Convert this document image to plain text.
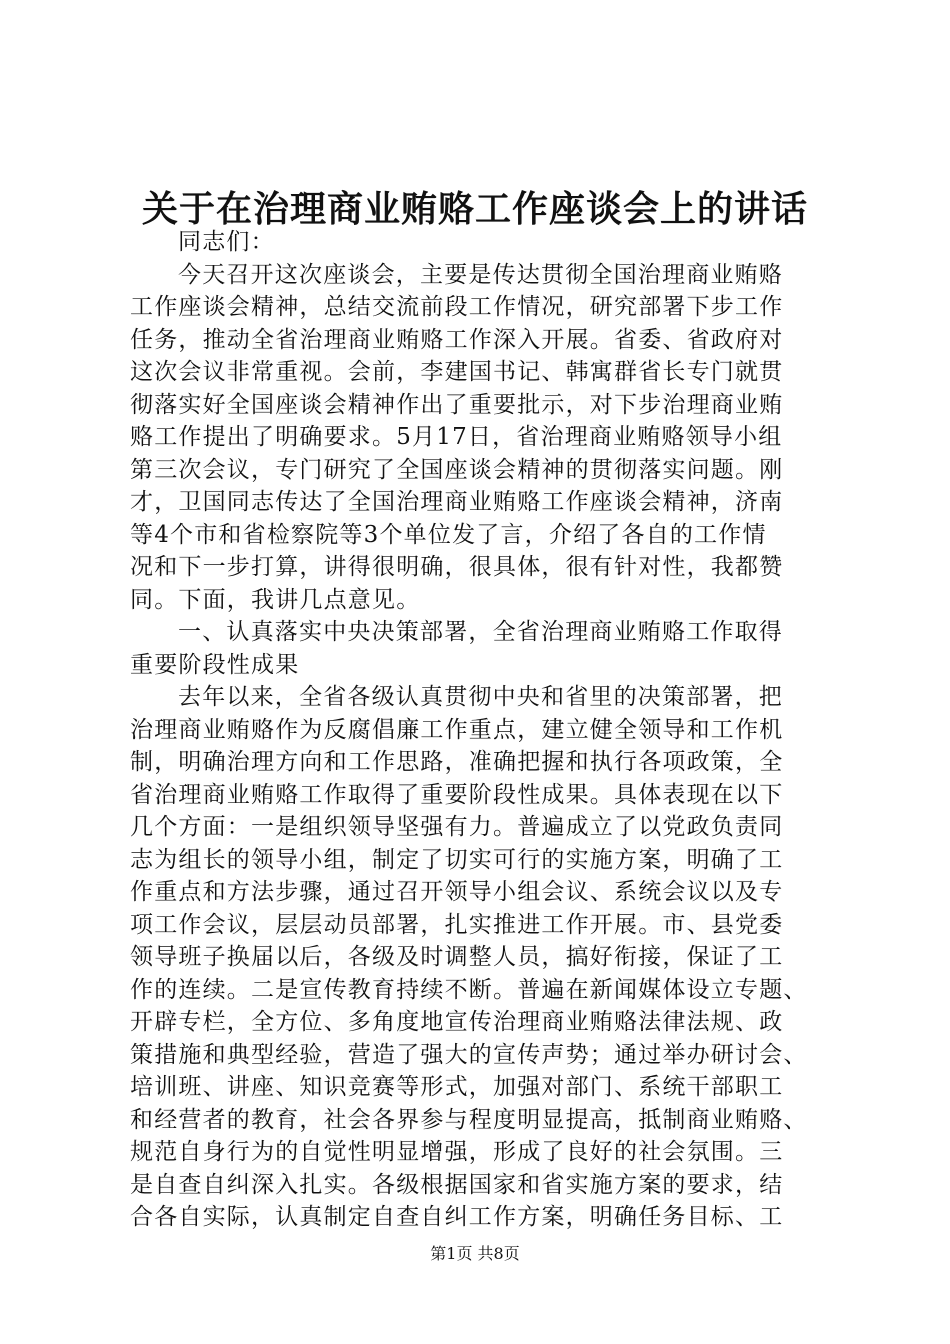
关于在治理商业贿赂工作座谈会上的讲话
同志们：
今天召开这次座谈会，主要是传达贯彻全国治理商业贿赂
工作座谈会精神，总结交流前段工作情况，研究部署下步工作
任务，推动全省治理商业贿赂工作深入开展。省委、省政府对
这次会议非常重视。会前，李建国书记、韩寓群省长专门就贯
彻落实好全国座谈会精神作出了重要批示，对下步治理商业贿
赂工作提出了明确要求。5月17日，省治理商业贿赂领导小组
第三次会议，专门研究了全国座谈会精神的贯彻落实问题。刚
才，卫国同志传达了全国治理商业贿赂工作座谈会精神，济南
等4个市和省检察院等3个单位发了言，介绍了各自的工作情
况和下一步打算，讲得很明确，很具体，很有针对性，我都赞
同。下面，我讲几点意见。
一、认真落实中央决策部署，全省治理商业贿赂工作取得
重要阶段性成果
去年以来，全省各级认真贯彻中央和省里的决策部署，把
治理商业贿赂作为反腐倡廉工作重点，建立健全领导和工作机
制，明确治理方向和工作思路，准确把握和执行各项政策，全
省治理商业贿赂工作取得了重要阶段性成果。具体表现在以下
几个方面：一是组织领导坚强有力。普遍成立了以党政负责同
志为组长的领导小组，制定了切实可行的实施方案，明确了工
作重点和方法步骤，通过召开领导小组会议、系统会议以及专
项工作会议，层层动员部署，扎实推进工作开展。市、县党委
领导班子换届以后，各级及时调整人员，搞好衔接，保证了工
作的连续。二是宣传教育持续不断。普遍在新闻媒体设立专题、
开辟专栏，全方位、多角度地宣传治理商业贿赂法律法规、政
策措施和典型经验，营造了强大的宣传声势；通过举办研讨会、
培训班、讲座、知识竞赛等形式，加强对部门、系统干部职工
和经营者的教育，社会各界参与程度明显提高，抵制商业贿赂、
规范自身行为的自觉性明显增强，形成了良好的社会氛围。三
是自查自纠深入扎实。各级根据国家和省实施方案的要求，结
合各自实际，认真制定自查自纠工作方案，明确任务目标、工
第1页 共8页
